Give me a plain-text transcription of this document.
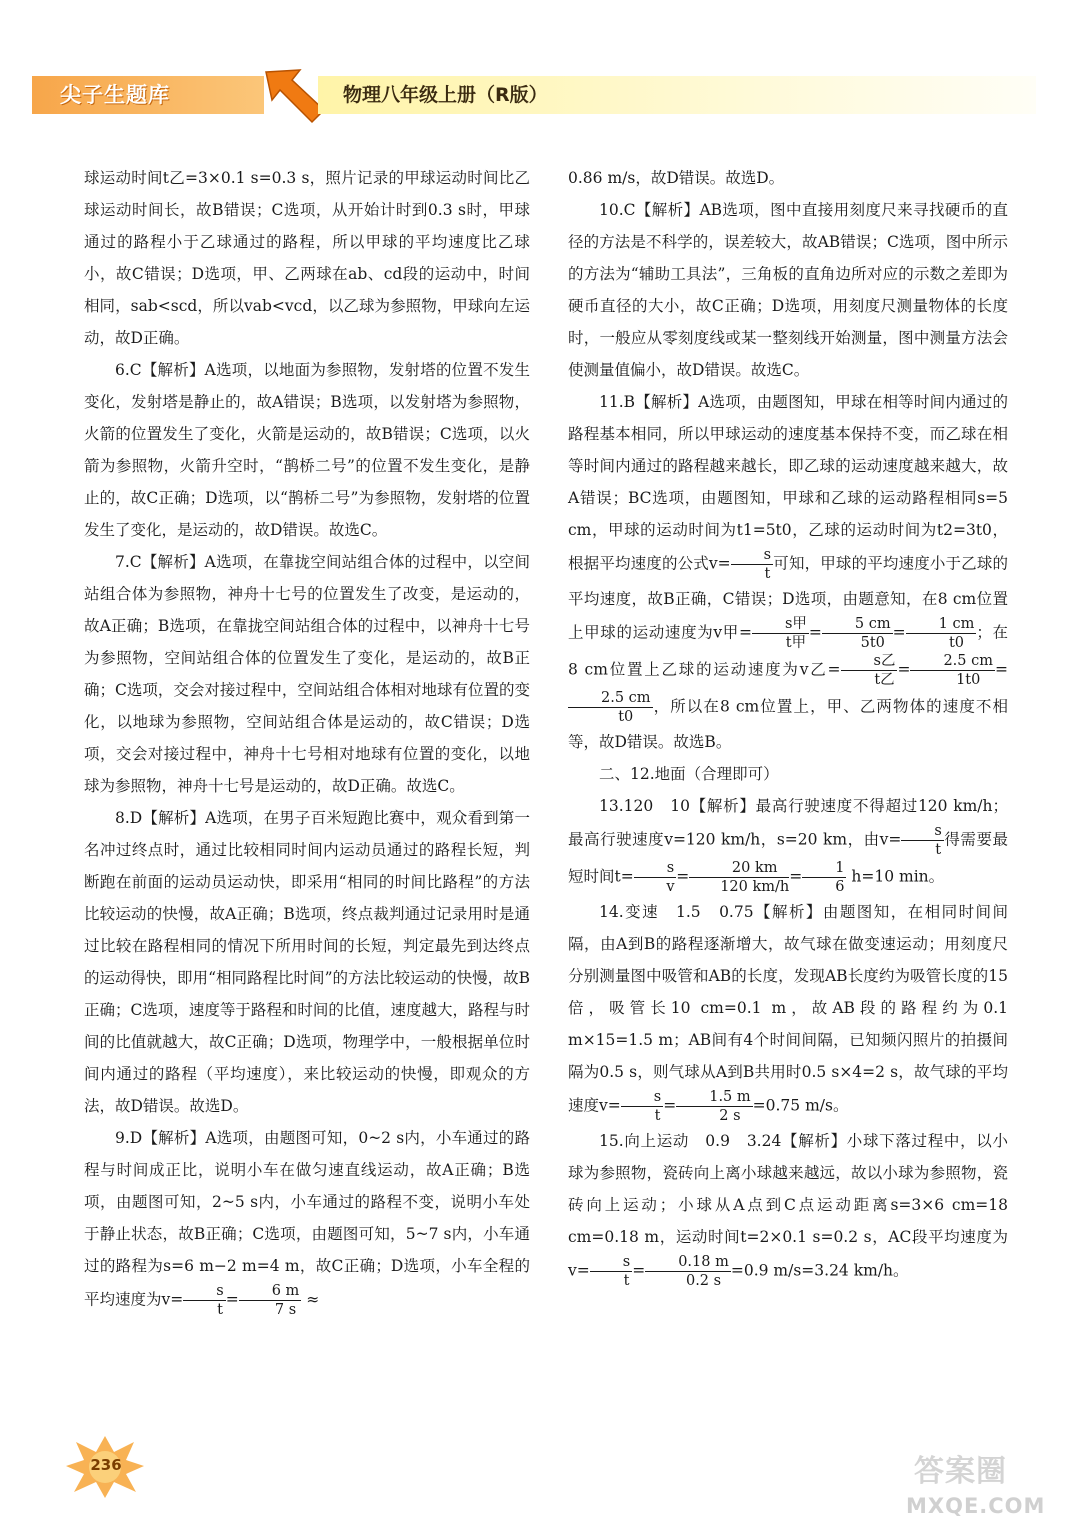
尖子生题库	物理八年级上册（R版）

球运动时间t乙=3×0.1 s=0.3 s，照片记录的甲球运动时间比乙球运动时间长，故B错误；C选项，从开始计时到0.3 s时，甲球通过的路程小于乙球通过的路程，所以甲球的平均速度比乙球小，故C错误；D选项，甲、乙两球在ab、cd段的运动中，时间相同，sab<scd，所以vab<vcd，以乙球为参照物，甲球向左运动，故D正确。

6.C【解析】A选项，以地面为参照物，发射塔的位置不发生变化，发射塔是静止的，故A错误；B选项，以发射塔为参照物，火箭的位置发生了变化，火箭是运动的，故B错误；C选项，以火箭为参照物，火箭升空时，“鹊桥二号”的位置不发生变化，是静止的，故C正确；D选项，以“鹊桥二号”为参照物，发射塔的位置发生了变化，是运动的，故D错误。故选C。

7.C【解析】A选项，在靠拢空间站组合体的过程中，以空间站组合体为参照物，神舟十七号的位置发生了改变，是运动的，故A正确；B选项，在靠拢空间站组合体的过程中，以神舟十七号为参照物，空间站组合体的位置发生了变化，是运动的，故B正确；C选项，交会对接过程中，空间站组合体相对地球有位置的变化，以地球为参照物，空间站组合体是运动的，故C错误；D选项，交会对接过程中，神舟十七号相对地球有位置的变化，以地球为参照物，神舟十七号是运动的，故D正确。故选C。

8.D【解析】A选项，在男子百米短跑比赛中，观众看到第一名冲过终点时，通过比较相同时间内运动员通过的路程长短，判断跑在前面的运动员运动快，即采用“相同的时间比路程”的方法比较运动的快慢，故A正确；B选项，终点裁判通过记录用时是通过比较在路程相同的情况下所用时间的长短，判定最先到达终点的运动得快，即用“相同路程比时间”的方法比较运动的快慢，故B正确；C选项，速度等于路程和时间的比值，速度越大，路程与时间的比值就越大，故C正确；D选项，物理学中，一般根据单位时间内通过的路程（平均速度），来比较运动的快慢，即观众的方法，故D错误。故选D。

9.D【解析】A选项，由题图可知，0~2 s内，小车通过的路程与时间成正比，说明小车在做匀速直线运动，故A正确；B选项，由题图可知，2~5 s内，小车通过的路程不变，说明小车处于静止状态，故B正确；C选项，由题图可知，5~7 s内，小车通过的路程为s=6 m−2 m=4 m，故C正确；D选项，小车全程的平均速度为$v= \frac{s}{t} = \frac{6 m}{7 s}$ ≈

0.86 m/s，故D错误。故选D。

10.C【解析】AB选项，图中直接用刻度尺来寻找硬币的直径的方法是不科学的，误差较大，故AB错误；C选项，图中所示的方法为“辅助工具法”，三角板的直角边所对应的示数之差即为硬币直径的大小，故C正确；D选项，用刻度尺测量物体的长度时，一般应从零刻度线或某一整刻线开始测量，图中测量方法会使测量值偏小，故D错误。故选C。

11.B【解析】A选项，由题图知，甲球在相等时间内通过的路程基本相同，所以甲球运动的速度基本保持不变，而乙球在相等时间内通过的路程越来越长，即乙球的运动速度越来越大，故A错误；BC选项，由题图知，甲球和乙球的运动路程相同s=5 cm，甲球的运动时间为t1=5t0，乙球的运动时间为t2=3t0，根据平均速度的公式$v= \frac{s}{t}$ 可知，甲球的平均速度小于乙球的平均速度，故B正确，C错误；D选项，由题意知，在8 cm位置上甲球的运动速度为v甲= $\frac{\text{s甲}}{\text{t甲}} = \frac{5 cm}{5t0} = \frac{1 cm}{t0}$ ；在8 cm位置上乙球的运动速度为v乙= $\frac{\text{s乙}}{\text{t乙}} = \frac{2.5 cm}{1t0}$ =
$\frac{2.5 cm}{t0}$ ，所以在8 cm位置上，甲、乙两物体的速度不相等，故D错误。故选B。

二、12.地面（合理即可）

13.120　10【解析】最高行驶速度不得超过120 km/h；最高行驶速度v=120 km/h，s=20 km，由$v= \frac{s}{t}$ 得需要最短时间$t= \frac{s}{v} = \frac{20 km}{120 km/h} = \frac{1}{6} h=10$ min。

14.变速　1.5　0.75【解析】由题图知，在相同时间间隔，由A到B的路程逐渐增大，故气球在做变速运动；用刻度尺分别测量图中吸管和AB的长度，发现AB长度约为吸管长度的15倍，吸管长10 cm=0.1 m，故AB段的路程约为0.1 m×15=1.5 m；AB间有4个时间间隔，已知频闪照片的拍摄间隔为0.5 s，则气球从A到B共用时0.5 s×4=2 s，故气球的平均速度$v= \frac{s}{t} = \frac{1.5 m}{2 s} =0.75$ m/s。

15.向上运动　0.9　3.24【解析】小球下落过程中，以小球为参照物，瓷砖向上离小球越来越远，故以小球为参照物，瓷砖向上运动；小球从A点到C点运动距离s=3×6 cm=18 cm=0.18 m，运动时间t=2×0.1 s=0.2 s，AC段平均速度为$v= \frac{s}{t} = \frac{0.18 m}{0.2 s} =0.9$ m/s=3.24 km/h。

236	答案圈
MXQE.COM
